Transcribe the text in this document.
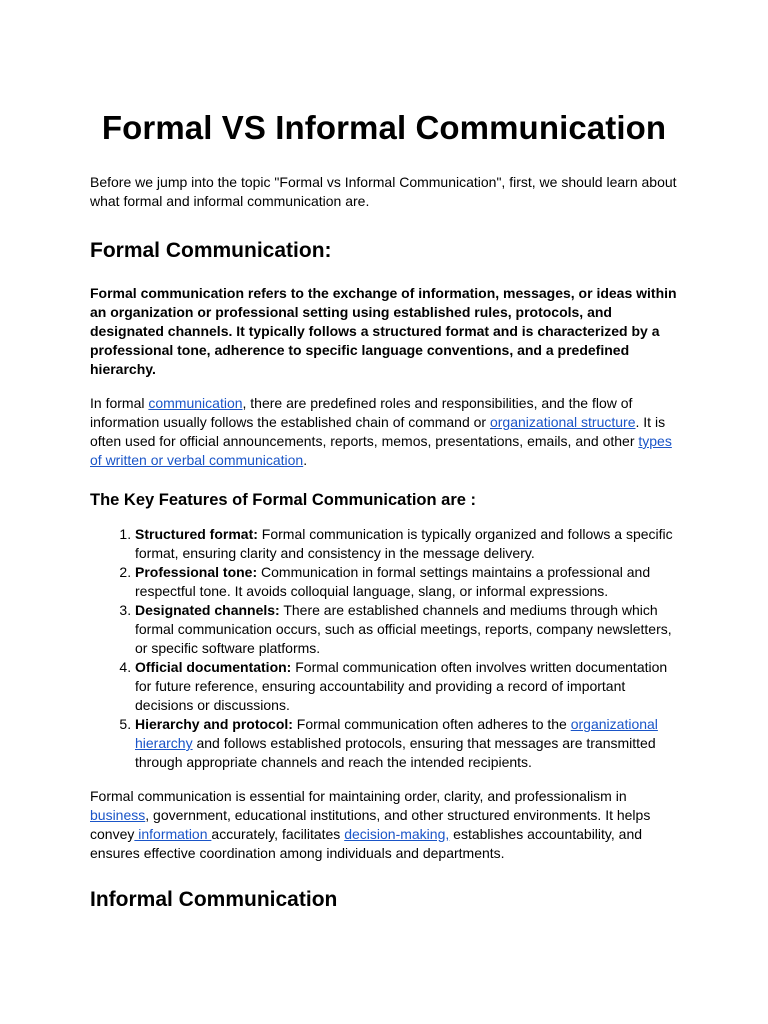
Formal VS Informal Communication

Before we jump into the topic "Formal vs Informal Communication", first, we should learn about what formal and informal communication are.

Formal Communication:

Formal communication refers to the exchange of information, messages, or ideas within an organization or professional setting using established rules, protocols, and designated channels. It typically follows a structured format and is characterized by a professional tone, adherence to specific language conventions, and a predefined hierarchy.

In formal communication, there are predefined roles and responsibilities, and the flow of information usually follows the established chain of command or organizational structure. It is often used for official announcements, reports, memos, presentations, emails, and other types of written or verbal communication.

The Key Features of Formal Communication are :
1. Structured format: Formal communication is typically organized and follows a specific format, ensuring clarity and consistency in the message delivery.
2. Professional tone: Communication in formal settings maintains a professional and respectful tone. It avoids colloquial language, slang, or informal expressions.
3. Designated channels: There are established channels and mediums through which formal communication occurs, such as official meetings, reports, company newsletters, or specific software platforms.
4. Official documentation: Formal communication often involves written documentation for future reference, ensuring accountability and providing a record of important decisions or discussions.
5. Hierarchy and protocol: Formal communication often adheres to the organizational hierarchy and follows established protocols, ensuring that messages are transmitted through appropriate channels and reach the intended recipients.

Formal communication is essential for maintaining order, clarity, and professionalism in business, government, educational institutions, and other structured environments. It helps convey information accurately, facilitates decision-making, establishes accountability, and ensures effective coordination among individuals and departments.

Informal Communication
